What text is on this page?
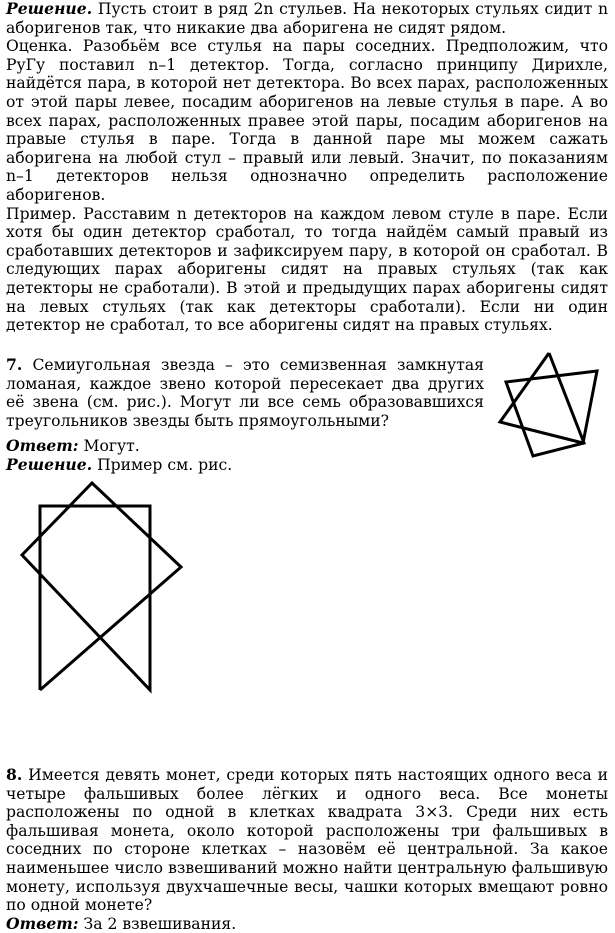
Решение. Пусть стоит в ряд 2n стульев. На некоторых стульях сидит n аборигенов так, что никакие два аборигена не сидят рядом.

Оценка. Разобьём все стулья на пары соседних. Предположим, что РуГу поставил n–1 детектор. Тогда, согласно принципу Дирихле, найдётся пара, в которой нет детектора. Во всех парах, расположенных от этой пары левее, посадим аборигенов на левые стулья в паре. А во всех парах, расположенных правее этой пары, посадим аборигенов на правые стулья в паре. Тогда в данной паре мы можем сажать аборигена на любой стул – правый или левый. Значит, по показаниям n–1 детекторов нельзя однозначно определить расположение аборигенов.

Пример. Расставим n детекторов на каждом левом стуле в паре. Если хотя бы один детектор сработал, то тогда найдём самый правый из сработавших детекторов и зафиксируем пару, в которой он сработал. В следующих парах аборигены сидят на правых стульях (так как детекторы не сработали). В этой и предыдущих парах аборигены сидят на левых стульях (так как детекторы сработали). Если ни один детектор не сработал, то все аборигены сидят на правых стульях.

7. Семиугольная звезда – это семизвенная замкнутая ломаная, каждое звено которой пересекает два других её звена (см. рис.). Могут ли все семь образовавшихся треугольников звезды быть прямоугольными?

Ответ: Могут.

Решение. Пример см. рис.

8. Имеется девять монет, среди которых пять настоящих одного веса и четыре фальшивых более лёгких и одного веса. Все монеты расположены по одной в клетках квадрата 3×3. Среди них есть фальшивая монета, около которой расположены три фальшивых в соседних по стороне клетках – назовём её центральной. За какое наименьшее число взвешиваний можно найти центральную фальшивую монету, используя двухчашечные весы, чашки которых вмещают ровно по одной монете?

Ответ: За 2 взвешивания.
